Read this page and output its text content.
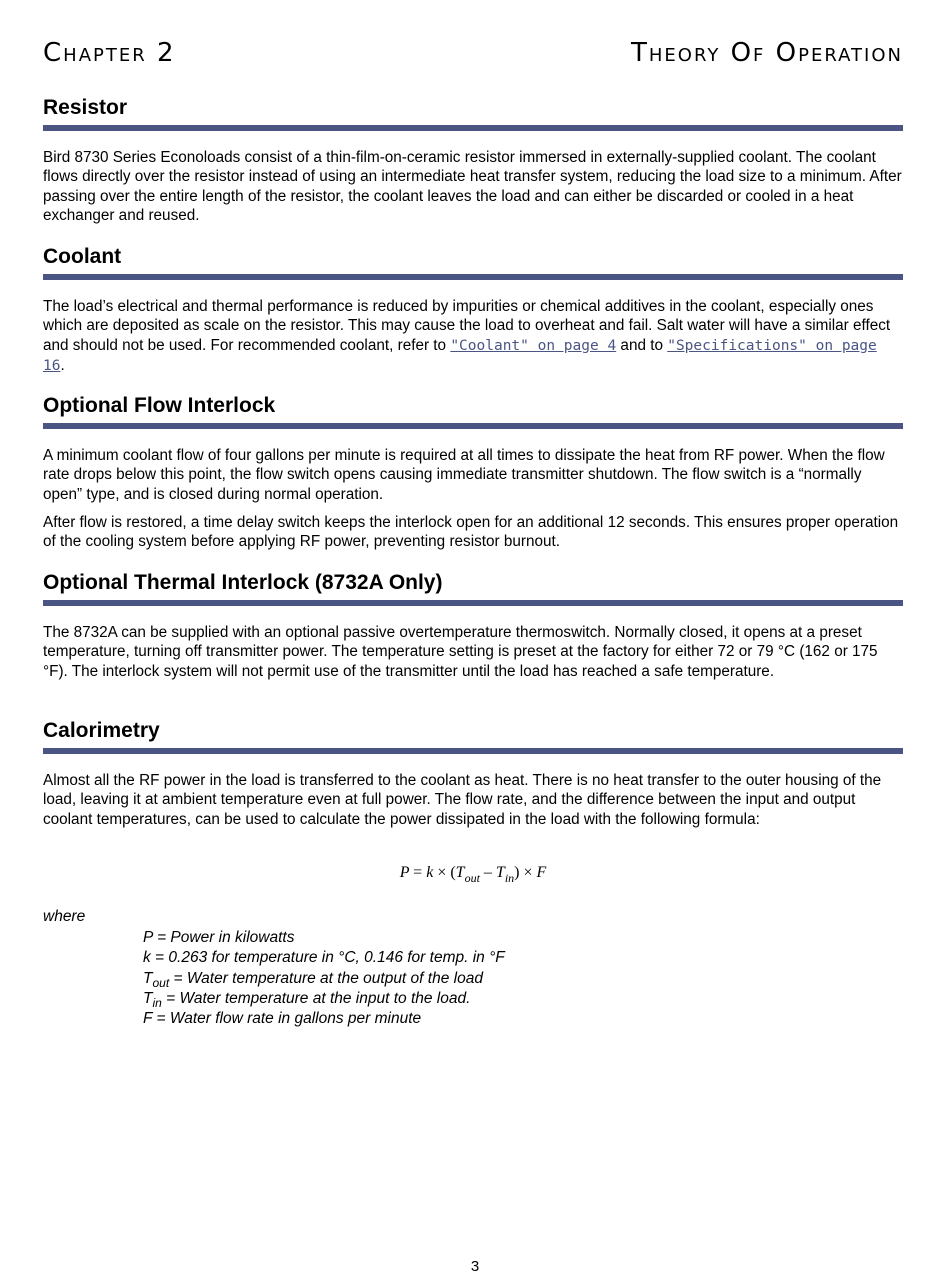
Chapter 2	Theory Of Operation
Resistor

Bird 8730 Series Econoloads consist of a thin-film-on-ceramic resistor immersed in externally-supplied coolant. The coolant flows directly over the resistor instead of using an intermediate heat transfer system, reducing the load size to a minimum. After passing over the entire length of the resistor, the coolant leaves the load and can either be discarded or cooled in a heat exchanger and reused.

Coolant

The load’s electrical and thermal performance is reduced by impurities or chemical additives in the coolant, especially ones which are deposited as scale on the resistor. This may cause the load to overheat and fail. Salt water will have a similar effect and should not be used. For recommended coolant, refer to "Coolant" on page 4 and to "Specifications" on page 16.

Optional Flow Interlock

A minimum coolant flow of four gallons per minute is required at all times to dissipate the heat from RF power. When the flow rate drops below this point, the flow switch opens causing immediate transmitter shutdown. The flow switch is a “normally open” type, and is closed during normal operation.

After flow is restored, a time delay switch keeps the interlock open for an additional 12 seconds. This ensures proper operation of the cooling system before applying RF power, preventing resistor burnout.

Optional Thermal Interlock (8732A Only)

The 8732A can be supplied with an optional passive overtemperature thermoswitch. Normally closed, it opens at a preset temperature, turning off transmitter power. The temperature setting is preset at the factory for either 72 or 79 °C (162 or 175 °F). The interlock system will not permit use of the transmitter until the load has reached a safe temperature.

Calorimetry

Almost all the RF power in the load is transferred to the coolant as heat. There is no heat transfer to the outer housing of the load, leaving it at ambient temperature even at full power. The flow rate, and the difference between the input and output coolant temperatures, can be used to calculate the power dissipated in the load with the following formula:

$P = k \times (T_{out} - T_{in}) \times F$
where
P = Power in kilowatts
k = 0.263 for temperature in °C, 0.146 for temp. in °F
$T_{out}$ = Water temperature at the output of the load
$T_{in}$ = Water temperature at the input to the load.
F = Water flow rate in gallons per minute
3
